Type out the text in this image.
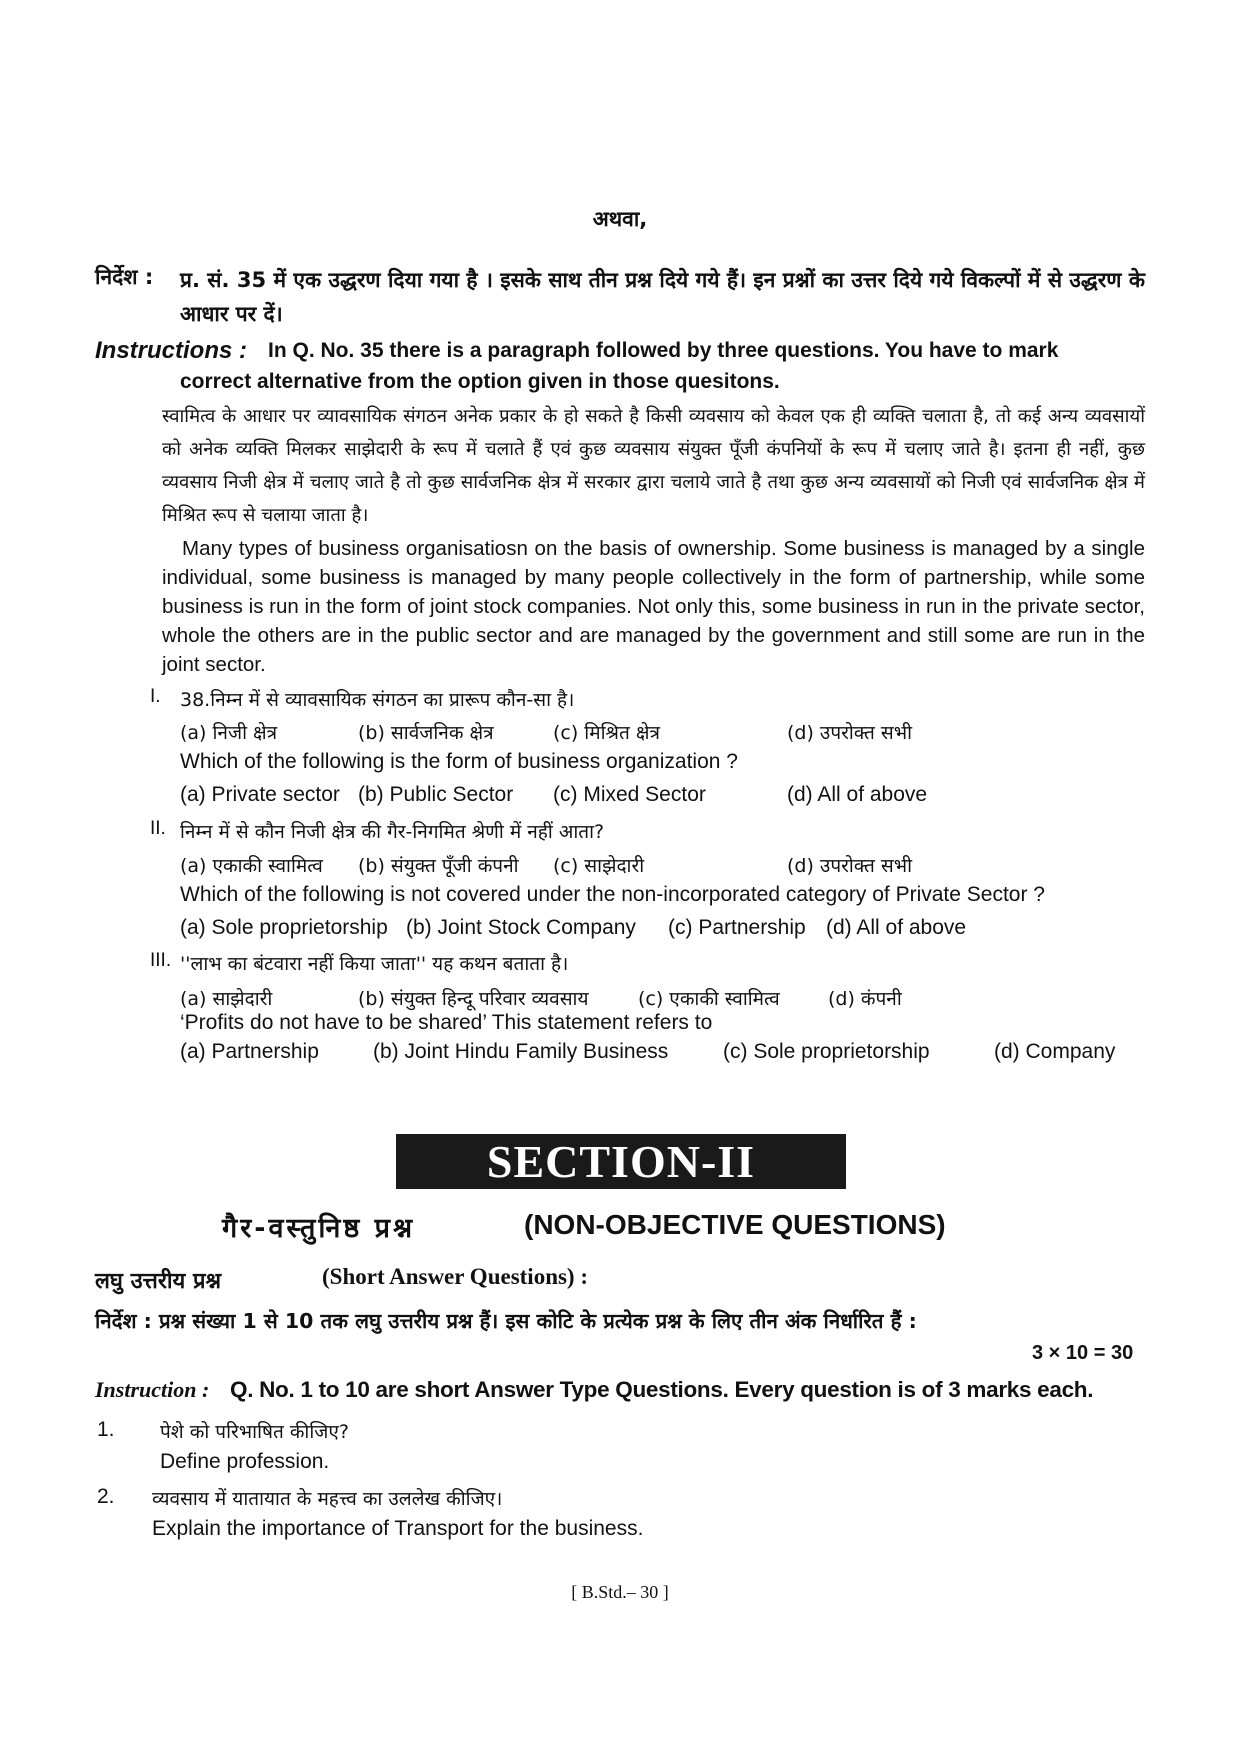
अथवा,
निर्देश : प्र. सं. 35 में एक उद्धरण दिया गया है । इसके साथ तीन प्रश्न दिये गये हैं। इन प्रश्नों का उत्तर दिये गये विकल्पों में से उद्धरण के आधार पर दें।
Instructions : In Q. No. 35 there is a paragraph followed by three questions. You have to mark
correct alternative from the option given in those quesitons.
स्वामित्व के आधार पर व्यावसायिक संगठन अनेक प्रकार के हो सकते है किसी व्यवसाय को केवल एक ही व्यक्ति चलाता है, तो कई अन्य व्यवसायों को अनेक व्यक्ति मिलकर साझेदारी के रूप में चलाते हैं एवं कुछ व्यवसाय संयुक्त पूँजी कंपनियों के रूप में चलाए जाते है। इतना ही नहीं, कुछ व्यवसाय निजी क्षेत्र में चलाए जाते है तो कुछ सार्वजनिक क्षेत्र में सरकार द्वारा चलाये जाते है तथा कुछ अन्य व्यवसायों को निजी एवं सार्वजनिक क्षेत्र में मिश्रित रूप से चलाया जाता है।
Many types of business organisatiosn on the basis of ownership. Some business is managed by a single individual, some business is managed by many people collectively in the form of partnership, while some business is run in the form of joint stock companies. Not only this, some business in run in the private sector, whole the others are in the public sector and are managed by the government and still some are run in the joint sector.
I. 38.निम्न में से व्यावसायिक संगठन का प्रारूप कौन-सा है।
(a) निजी क्षेत्र	(b) सार्वजनिक क्षेत्र	(c) मिश्रित क्षेत्र	(d) उपरोक्त सभी
Which of the following is the form of business organization ?
(a) Private sector (b) Public Sector (c) Mixed Sector	(d) All of above
II. निम्न में से कौन निजी क्षेत्र की गैर-निगमित श्रेणी में नहीं आता?
(a) एकाकी स्वामित्व (b) संयुक्त पूँजी कंपनी (c) साझेदारी	(d) उपरोक्त सभी
Which of the following is not covered under the non-incorporated category of Private Sector ?
(a) Sole proprietorship (b) Joint Stock Company (c) Partnership (d) All of above
III. ''लाभ का बंटवारा नहीं किया जाता'' यह कथन बताता है।
(a) साझेदारी	(b) संयुक्त हिन्दू परिवार व्यवसाय	(c) एकाकी स्वामित्व	(d) कंपनी
‘Profits do not have to be shared’ This statement refers to
(a) Partnership	(b) Joint Hindu Family Business	(c) Sole proprietorship	(d) Company
SECTION-II
गैर-वस्तुनिष्ठ प्रश्न	(NON-OBJECTIVE QUESTIONS)
लघु उत्तरीय प्रश्न	(Short Answer Questions) :
निर्देश : प्रश्न संख्या 1 से 10 तक लघु उत्तरीय प्रश्न हैं। इस कोटि के प्रत्येक प्रश्न के लिए तीन अंक निर्धारित हैं :
3 × 10 = 30
Instruction : Q. No. 1 to 10 are short Answer Type Questions. Every question is of 3 marks each.
1. पेशे को परिभाषित कीजिए?
Define profession.
2. व्यवसाय में यातायात के महत्त्व का उललेख कीजिए।
Explain the importance of Transport for the business.
[ B.Std.– 30 ]
